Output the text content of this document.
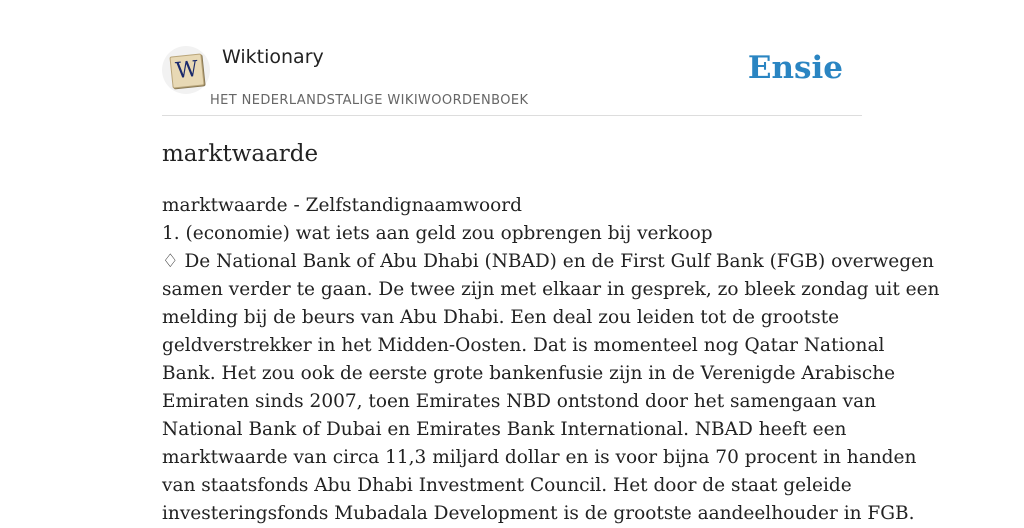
W Wiktionary
HET NEDERLANDSTALIGE WIKIWOORDENBOEK
Ensie
marktwaarde
marktwaarde - Zelfstandignaamwoord
1. (economie) wat iets aan geld zou opbrengen bij verkoop
♢ De National Bank of Abu Dhabi (NBAD) en de First Gulf Bank (FGB) overwegen
samen verder te gaan. De twee zijn met elkaar in gesprek, zo bleek zondag uit een
melding bij de beurs van Abu Dhabi. Een deal zou leiden tot de grootste
geldverstrekker in het Midden-Oosten. Dat is momenteel nog Qatar National
Bank. Het zou ook de eerste grote bankenfusie zijn in de Verenigde Arabische
Emiraten sinds 2007, toen Emirates NBD ontstond door het samengaan van
National Bank of Dubai en Emirates Bank International. NBAD heeft een
marktwaarde van circa 11,3 miljard dollar en is voor bijna 70 procent in handen
van staatsfonds Abu Dhabi Investment Council. Het door de staat geleide
investeringsfonds Mubadala Development is de grootste aandeelhouder in FGB.
